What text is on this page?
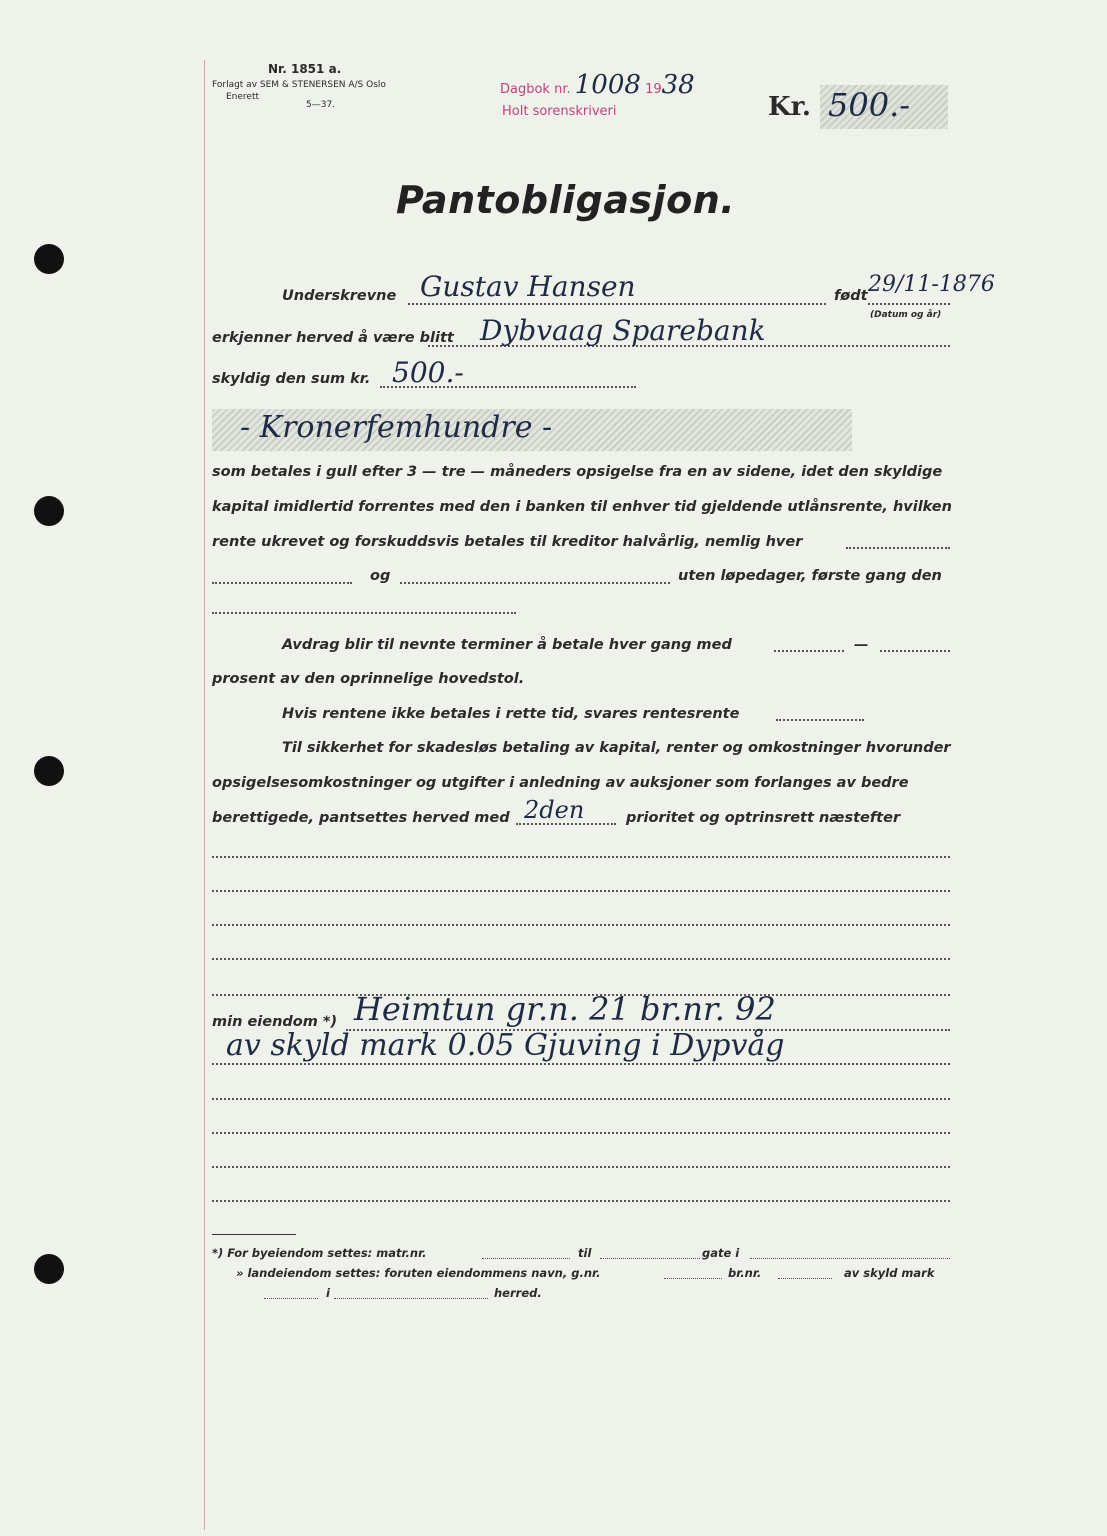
Nr. 1851 a.
Forlagt av SEM & STENERSEN A/S Oslo
Enerett
5—37.
Dagbok nr. 1008 1938
Holt sorenskriveri	Kr. 500.-
Pantobligasjon.
Underskrevne Gustav Hansen	født 29/11-1876
(Datum og år)
erkjenner herved å være blitt Dybvaag Sparebank
skyldig den sum kr. 500.-
- Kronerfemhundre -
som betales i gull efter 3 — tre — måneders opsigelse fra en av sidene, idet den skyldige
kapital imidlertid forrentes med den i banken til enhver tid gjeldende utlånsrente, hvilken
rente ukrevet og forskuddsvis betales til kreditor halvårlig, nemlig hver
og	uten løpedager, første gang den
Avdrag blir til nevnte terminer å betale hver gang med	—
prosent av den oprinnelige hovedstol.
Hvis rentene ikke betales i rette tid, svares rentesrente
Til sikkerhet for skadesløs betaling av kapital, renter og omkostninger hvorunder
opsigelsesomkostninger og utgifter i anledning av auksjoner som forlanges av bedre
berettigede, pantsettes herved med 2den	prioritet og optrinsrett næstefter
min eiendom *) Heimtun gr.n. 21 br.nr. 92
av skyld mark 0.05 Gjuving i Dypvåg
*) For byeiendom settes: matr.nr.	til	gate i
» landeiendom settes: foruten eiendommens navn, g.nr.	br.nr.	av skyld mark
i	herred.
